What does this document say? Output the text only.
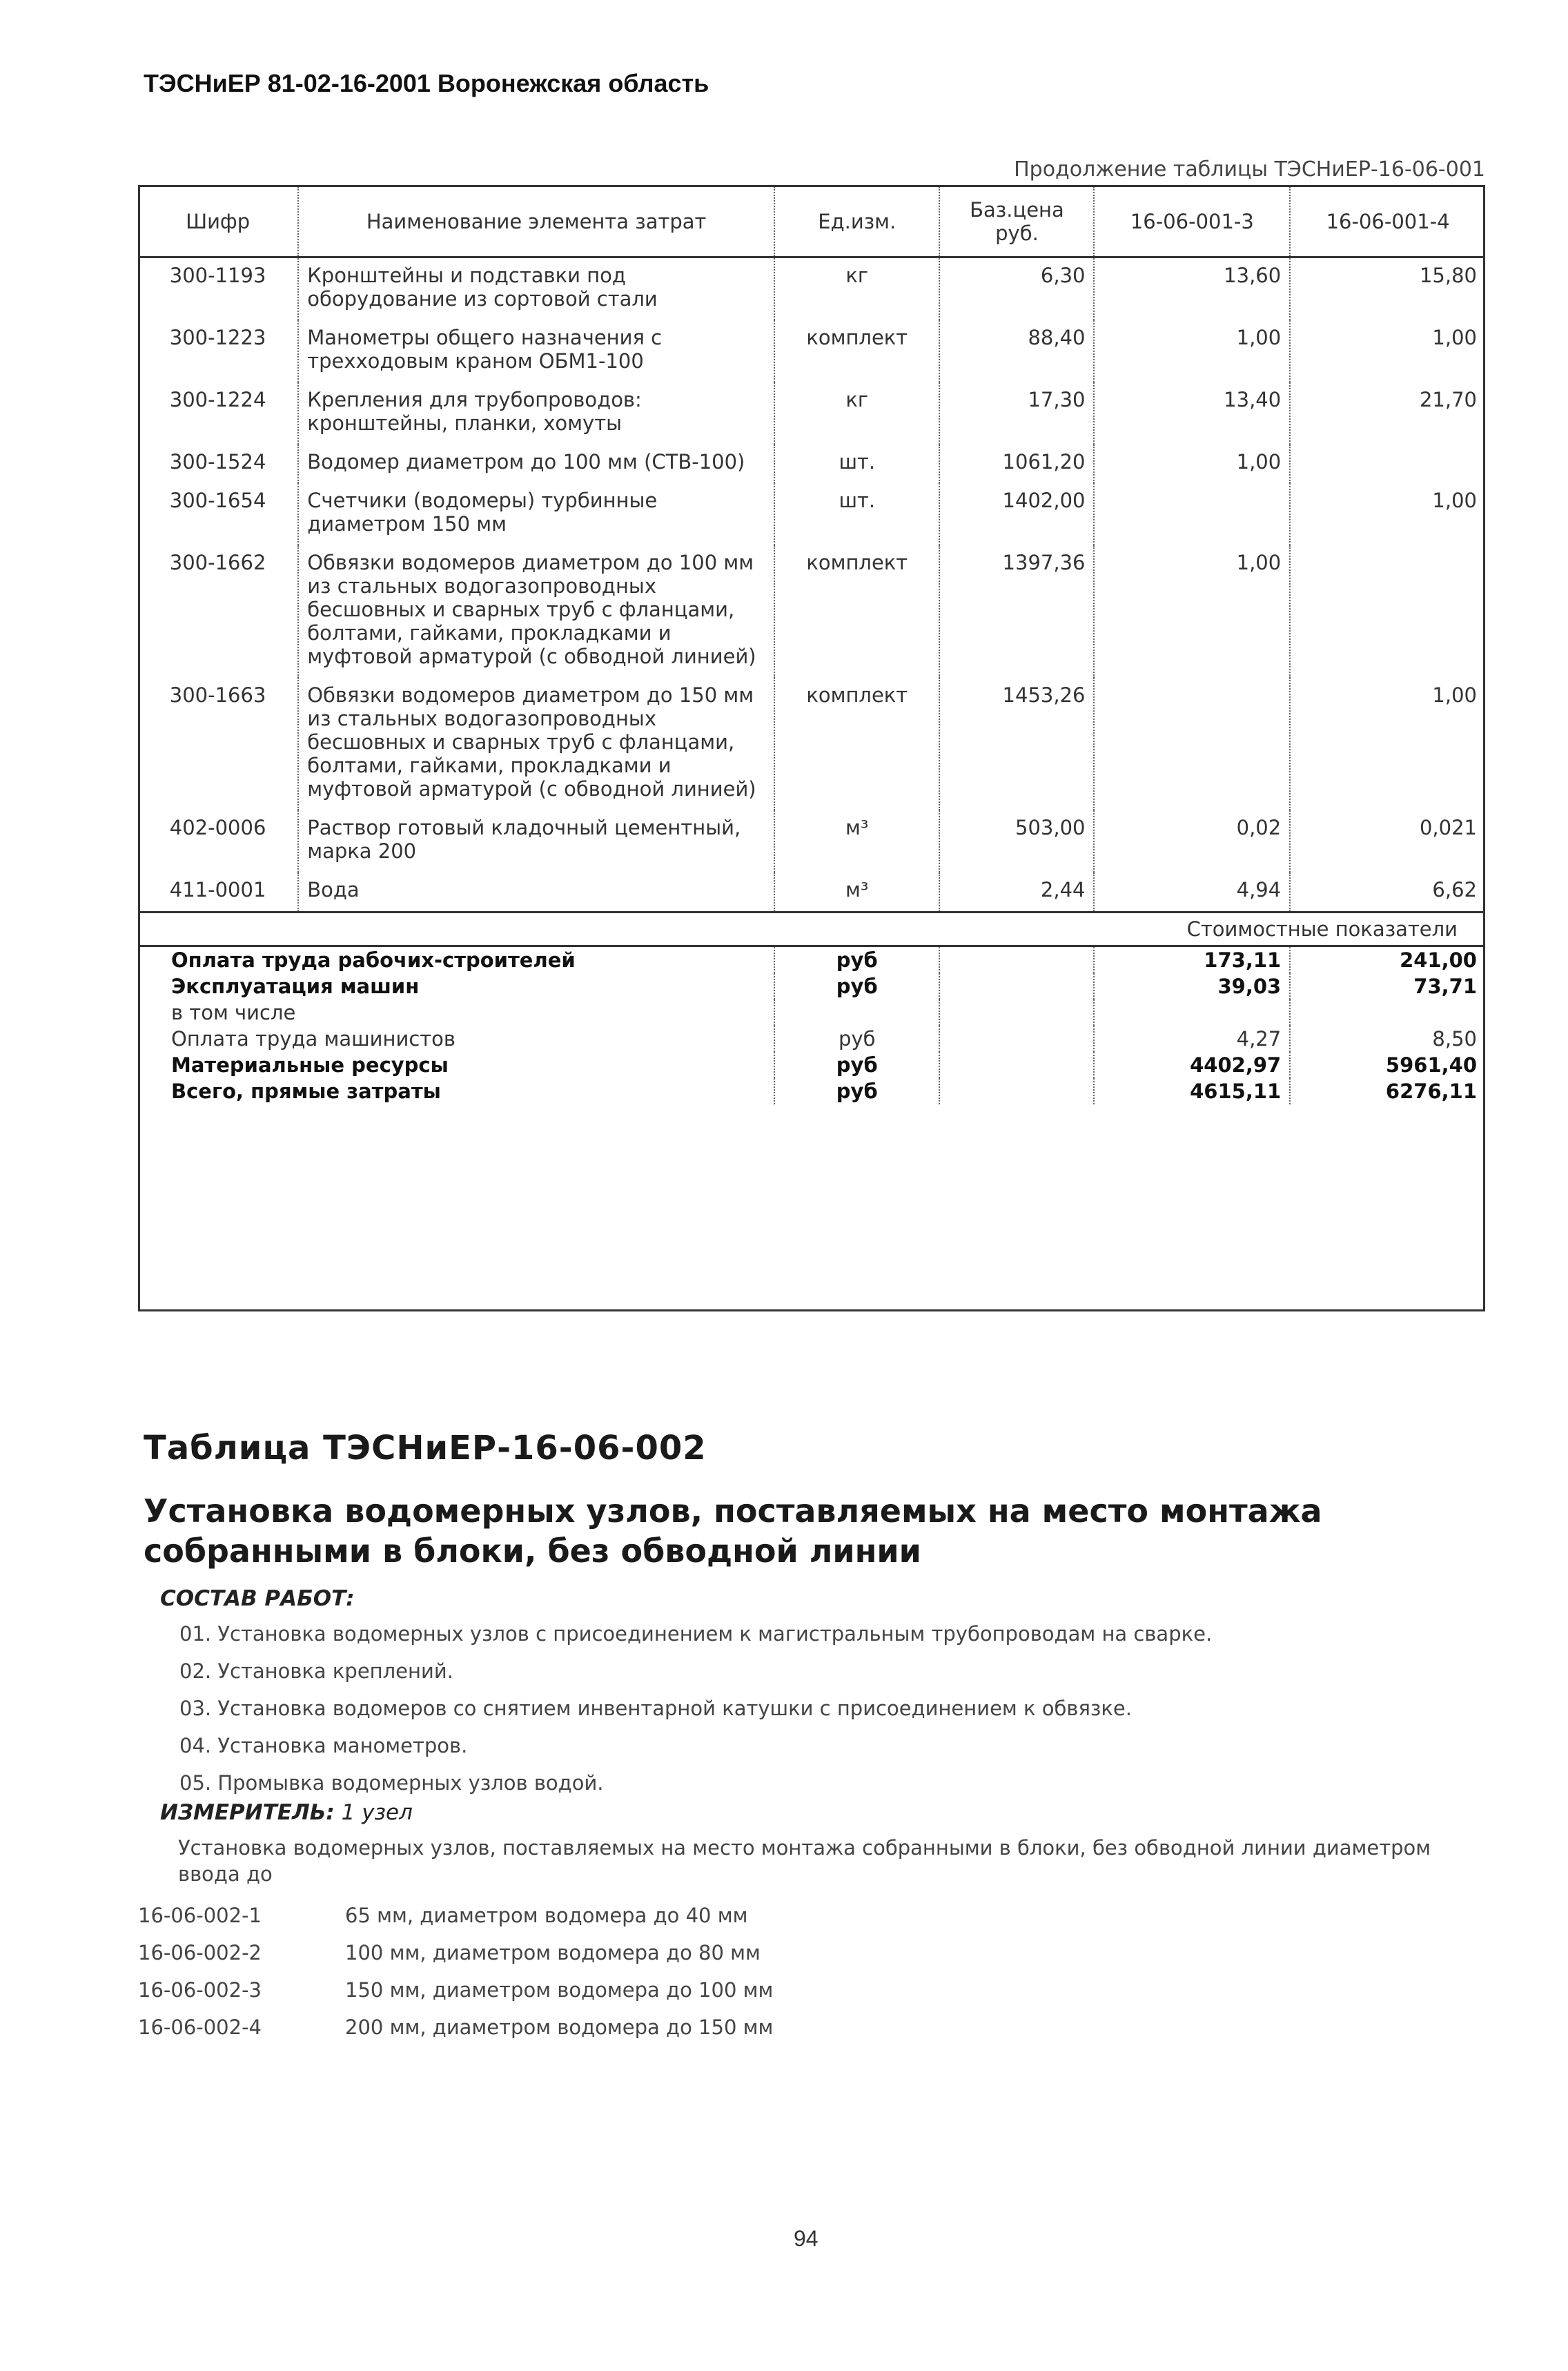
ТЭСНиЕР 81-02-16-2001 Воронежская область
Продолжение таблицы ТЭСНиЕР-16-06-001
Шифр	Наименование элемента затрат	Ед.изм.	Баз.цена руб.	16-06-001-3	16-06-001-4
300-1193	Кронштейны и подставки под оборудование из сортовой стали	кг	6,30	13,60	15,80
300-1223	Манометры общего назначения с трехходовым краном ОБМ1-100	комплект	88,40	1,00	1,00
300-1224	Крепления для трубопроводов: кронштейны, планки, хомуты	кг	17,30	13,40	21,70
300-1524	Водомер диаметром до 100 мм (СТВ-100)	шт.	1061,20	1,00	
300-1654	Счетчики (водомеры) турбинные диаметром 150 мм	шт.	1402,00		1,00
300-1662	Обвязки водомеров диаметром до 100 мм из стальных водогазопроводных бесшовных и сварных труб с фланцами, болтами, гайками, прокладками и муфтовой арматурой (с обводной линией)	комплект	1397,36	1,00	
300-1663	Обвязки водомеров диаметром до 150 мм из стальных водогазопроводных бесшовных и сварных труб с фланцами, болтами, гайками, прокладками и муфтовой арматурой (с обводной линией)	комплект	1453,26		1,00
402-0006	Раствор готовый кладочный цементный, марка 200	м³	503,00	0,02	0,021
411-0001	Вода	м³	2,44	4,94	6,62
Стоимостные показатели					
Оплата труда рабочих-строителей		руб		173,11	241,00
Эксплуатация машин		руб		39,03	73,71
в том числе					
Оплата труда машинистов		руб		4,27	8,50
Материальные ресурсы		руб		4402,97	5961,40
Всего, прямые затраты		руб		4615,11	6276,11
Таблица ТЭСНиЕР-16-06-002
Установка водомерных узлов, поставляемых на место монтажа собранными в блоки, без обводной линии
СОСТАВ РАБОТ:
01. Установка водомерных узлов с присоединением к магистральным трубопроводам на сварке.
02. Установка креплений.
03. Установка водомеров со снятием инвентарной катушки с присоединением к обвязке.
04. Установка манометров.
05. Промывка водомерных узлов водой.
ИЗМЕРИТЕЛЬ: 1 узел
Установка водомерных узлов, поставляемых на место монтажа собранными в блоки, без обводной линии диаметром ввода до
16-06-002-1	65 мм, диаметром водомера до 40 мм
16-06-002-2	100 мм, диаметром водомера до 80 мм
16-06-002-3	150 мм, диаметром водомера до 100 мм
16-06-002-4	200 мм, диаметром водомера до 150 мм
94
